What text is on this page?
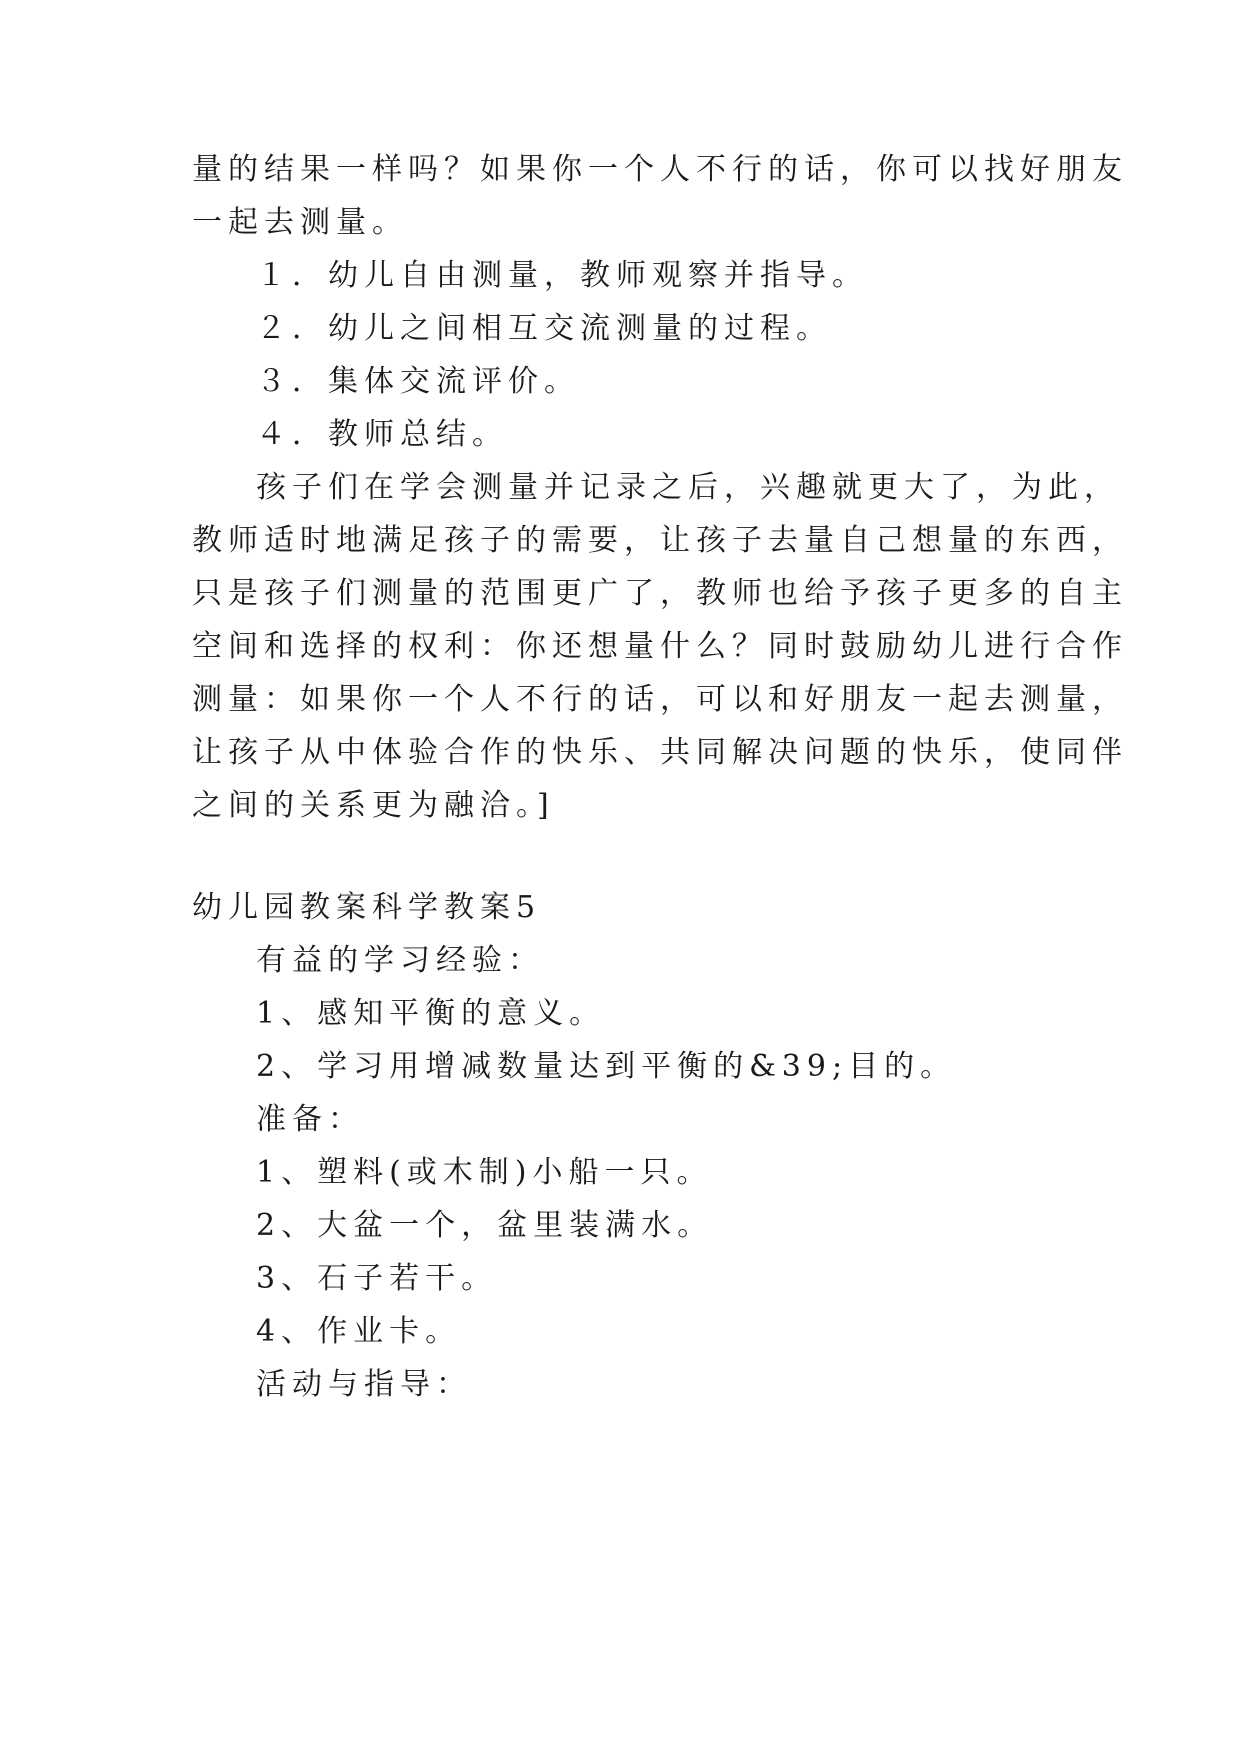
量的结果一样吗？如果你一个人不行的话，你可以找好朋友
一起去测量。
１．幼儿自由测量，教师观察并指导。
２．幼儿之间相互交流测量的过程。
３．集体交流评价。
４．教师总结。
孩子们在学会测量并记录之后，兴趣就更大了，为此，
教师适时地满足孩子的需要，让孩子去量自己想量的东西，
只是孩子们测量的范围更广了，教师也给予孩子更多的自主
空间和选择的权利：你还想量什么？同时鼓励幼儿进行合作
测量：如果你一个人不行的话，可以和好朋友一起去测量，
让孩子从中体验合作的快乐、共同解决问题的快乐，使同伴
之间的关系更为融洽。]
幼儿园教案科学教案5
有益的学习经验：
1、感知平衡的意义。
2、学习用增减数量达到平衡的&39;目的。
准备：
1、塑料(或木制)小船一只。
2、大盆一个，盆里装满水。
3、石子若干。
4、作业卡。
活动与指导：
